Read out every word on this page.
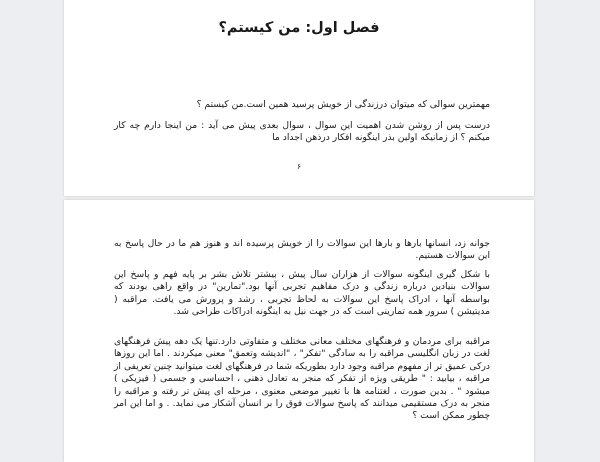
فصل اول: من کیستم؟

مهمترین سوالی که میتوان درزندگی از خویش پرسید همین است.من کیستم ؟

درست پس از روشن شدن اهمیت این سوال ، سوال بعدی پیش می آید : من اینجا دارم چه کار میکنم ؟ از زمانیکه اولین بذر اینگونه افکار درذهن اجداد ما

۶

جوانه زد، انسانها بارها و بارها این سوالات را از خویش پرسیده اند و هنوز هم ما در حال پاسخ به این سوالات هستیم.

با شکل گیری اینگونه سوالات از هزاران سال پیش ، بیشتر تلاش بشر بر پایه فهم و پاسخ این سوالات بنیادین درباره زندگی و درک مفاهیم تجربی آنها بود."تمارین" در واقع راهی بودند که بواسطه آنها ، ادراک پاسخ این سوالات به لحاظ تجربی ، رشد و پرورش می یافت. مراقبه ( مدیتیشن ) سرور همه تمارینی است که در جهت نیل به اینگونه ادراکات طراحی شد.

مراقبه برای مردمان و فرهنگهای مختلف معانی مختلف و متفاوتی دارد.تنها یک دهه پیش فرهنگهای لغت در زبان انگلیسی مراقبه را به سادگی "تفکر" ، "اندیشه وتعمق" معنی میکردند . اما این روزها درکی عمیق تر از مفهوم مراقبه وجود دارد بطوریکه شما در فرهنگهای لغت میتوانید چنین تعریفی از مراقبه ، بیابید : " طریقی ویژه از تفکر که منجر به تعادل ذهنی ، احساسی و جسمی ( فیزیکی ) میشود " . بدین صورت ، لغتنامه ها با تغییر موضعی معنوی ، مرحله ای پیش تر رفته و مراقبه را منجر به درک مستقیمی میدانند که پاسخ سوالات فوق را بر انسان آشکار می نماید. . و اما این امر چطور ممکن است ؟
